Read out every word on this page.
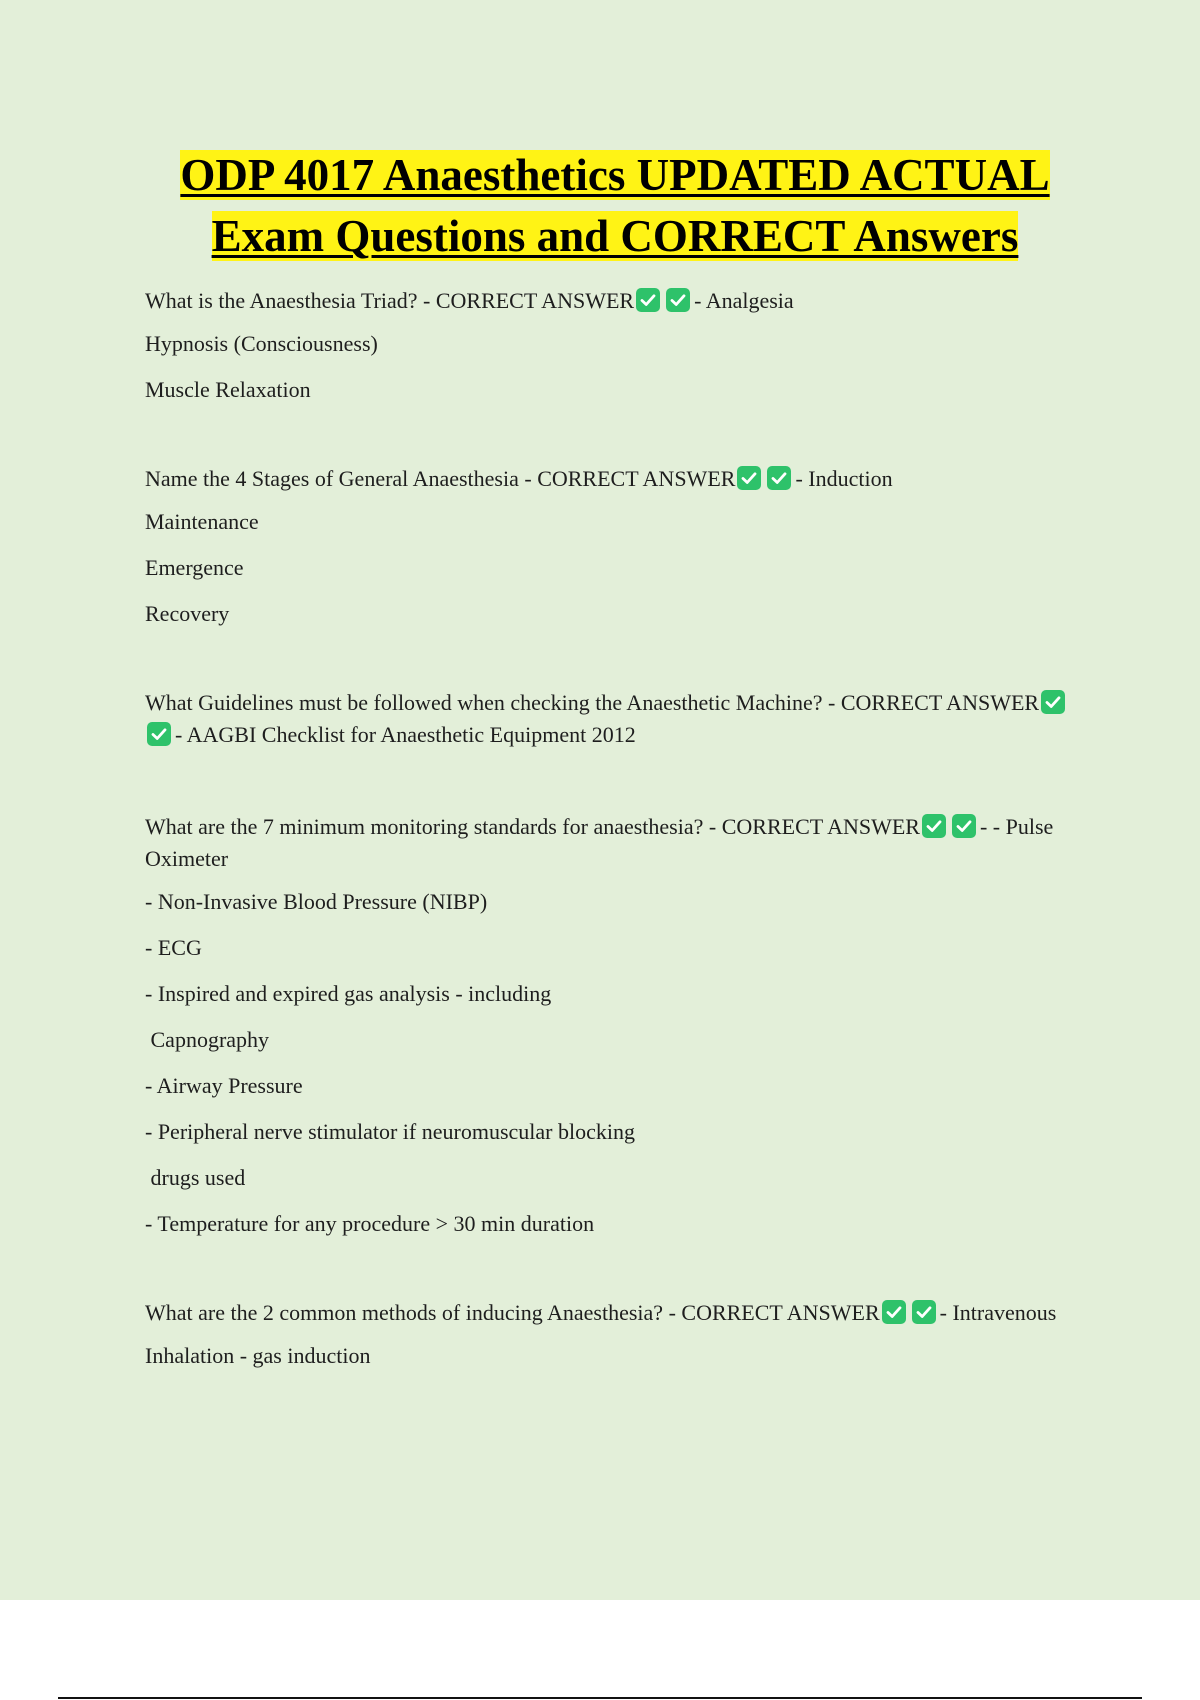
ODP 4017 Anaesthetics UPDATED ACTUAL Exam Questions and CORRECT Answers

What is the Anaesthesia Triad? - CORRECT ANSWER	- Analgesia

Hypnosis (Consciousness)

Muscle Relaxation

Name the 4 Stages of General Anaesthesia - CORRECT ANSWER	- Induction

Maintenance

Emergence

Recovery

What Guidelines must be followed when checking the Anaesthetic Machine? - CORRECT ANSWER
- AAGBI Checklist for Anaesthetic Equipment 2012

What are the 7 minimum monitoring standards for anaesthesia? - CORRECT ANSWER	- - Pulse Oximeter

- Non-Invasive Blood Pressure (NIBP)

- ECG

- Inspired and expired gas analysis - including

Capnography

- Airway Pressure

- Peripheral nerve stimulator if neuromuscular blocking

drugs used

- Temperature for any procedure > 30 min duration

What are the 2 common methods of inducing Anaesthesia? - CORRECT ANSWER	- Intravenous

Inhalation - gas induction
